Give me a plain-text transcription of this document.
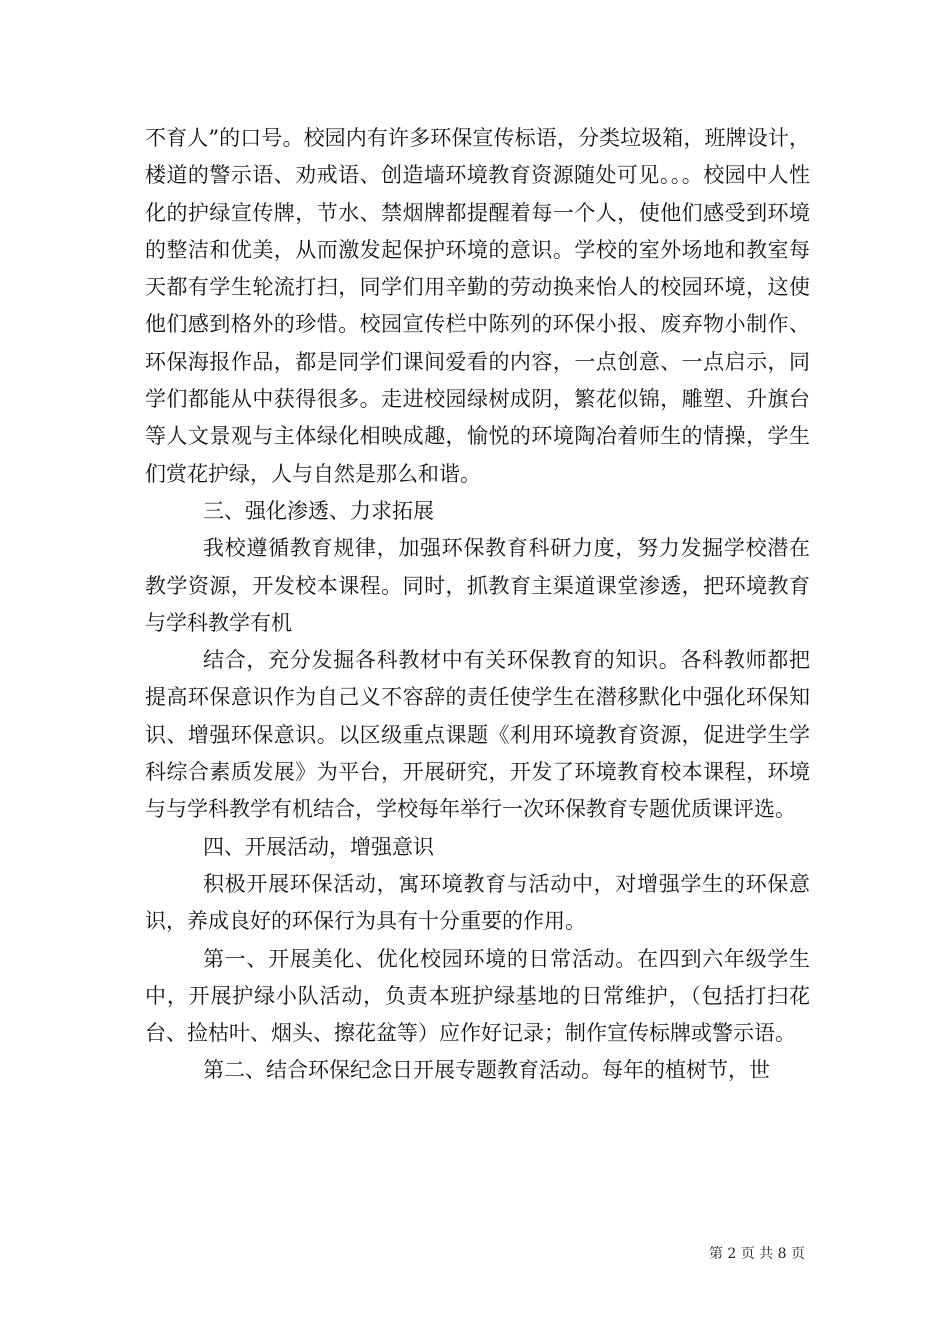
不育人”的口号。校园内有许多环保宣传标语，分类垃圾箱，班牌设计，楼道的警示语、劝戒语、创造墙环境教育资源随处可见。。。校园中人性化的护绿宣传牌，节水、禁烟牌都提醒着每一个人，使他们感受到环境的整洁和优美，从而激发起保护环境的意识。学校的室外场地和教室每天都有学生轮流打扫，同学们用辛勤的劳动换来怡人的校园环境，这使他们感到格外的珍惜。校园宣传栏中陈列的环保小报、废弃物小制作、环保海报作品，都是同学们课间爱看的内容，一点创意、一点启示，同学们都能从中获得很多。走进校园绿树成阴，繁花似锦，雕塑、升旗台等人文景观与主体绿化相映成趣，愉悦的环境陶冶着师生的情操，学生们赏花护绿，人与自然是那么和谐。

三、强化渗透、力求拓展

我校遵循教育规律，加强环保教育科研力度，努力发掘学校潜在教学资源，开发校本课程。同时，抓教育主渠道课堂渗透，把环境教育与学科教学有机

结合，充分发掘各科教材中有关环保教育的知识。各科教师都把提高环保意识作为自己义不容辞的责任使学生在潜移默化中强化环保知识、增强环保意识。以区级重点课题《利用环境教育资源，促进学生学科综合素质发展》为平台，开展研究，开发了环境教育校本课程，环境与与学科教学有机结合，学校每年举行一次环保教育专题优质课评选。

四、开展活动，增强意识

积极开展环保活动，寓环境教育与活动中，对增强学生的环保意识，养成良好的环保行为具有十分重要的作用。

第一、开展美化、优化校园环境的日常活动。在四到六年级学生中，开展护绿小队活动，负责本班护绿基地的日常维护，（包括打扫花台、捡枯叶、烟头、擦花盆等）应作好记录；制作宣传标牌或警示语。

第二、结合环保纪念日开展专题教育活动。每年的植树节，世

第 2 页 共 8 页
